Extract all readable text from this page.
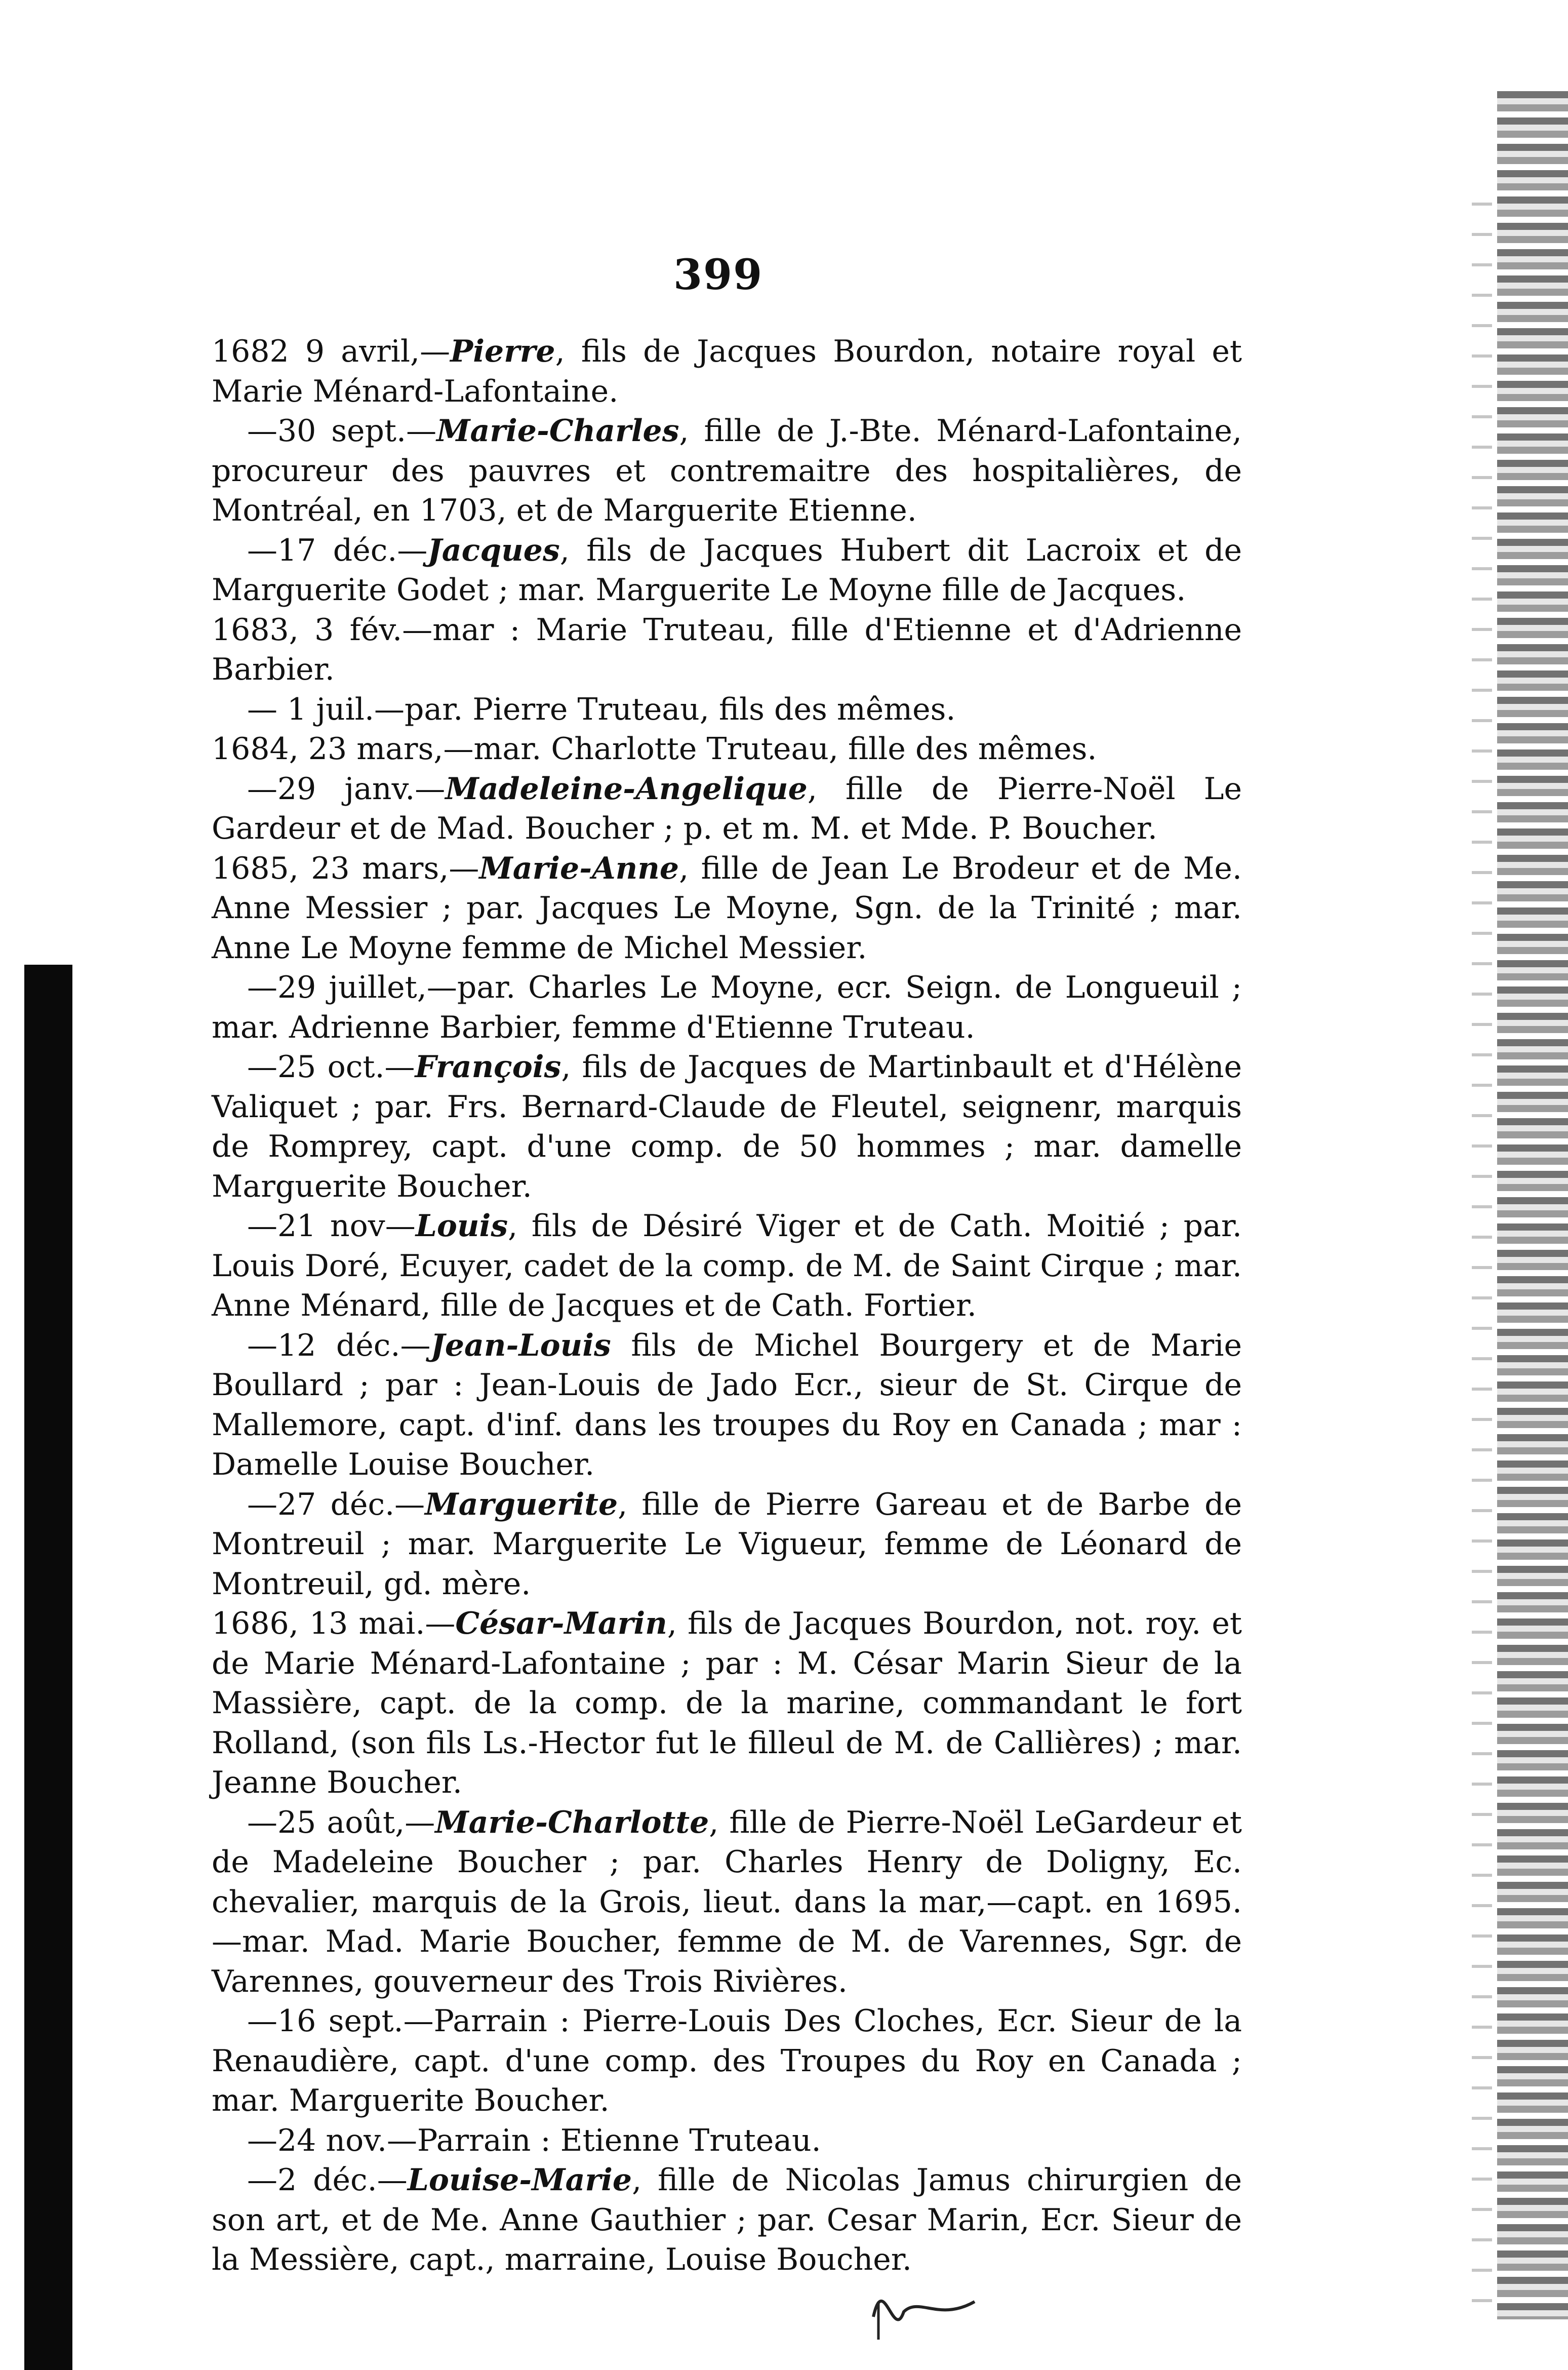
399

1682 9 avril,—Pierre, fils de Jacques Bourdon, notaire royal et Marie Ménard-Lafontaine.

—30 sept.—Marie-Charles, fille de J.-Bte. Ménard-Lafontaine, procureur des pauvres et contremaitre des hospitalières, de Montréal, en 1703, et de Marguerite Etienne.

—17 déc.—Jacques, fils de Jacques Hubert dit Lacroix et de Marguerite Godet ; mar. Marguerite Le Moyne fille de Jacques.

1683, 3 fév.—mar : Marie Truteau, fille d'Etienne et d'Adrienne Barbier.

— 1 juil.—par. Pierre Truteau, fils des mêmes.

1684, 23 mars,—mar. Charlotte Truteau, fille des mêmes.

—29 janv.—Madeleine-Angelique, fille de Pierre-Noël Le Gardeur et de Mad. Boucher ; p. et m. M. et Mde. P. Boucher.

1685, 23 mars,—Marie-Anne, fille de Jean Le Brodeur et de Me. Anne Messier ; par. Jacques Le Moyne, Sgn. de la Trinité ; mar. Anne Le Moyne femme de Michel Messier.

—29 juillet,—par. Charles Le Moyne, ecr. Seign. de Longueuil ; mar. Adrienne Barbier, femme d'Etienne Truteau.

—25 oct.—François, fils de Jacques de Martinbault et d'Hélène Valiquet ; par. Frs. Bernard-Claude de Fleutel, seignenr, marquis de Romprey, capt. d'une comp. de 50 hommes ; mar. damelle Marguerite Boucher.

—21 nov—Louis, fils de Désiré Viger et de Cath. Moitié ; par. Louis Doré, Ecuyer, cadet de la comp. de M. de Saint Cirque ; mar. Anne Ménard, fille de Jacques et de Cath. Fortier.

—12 déc.—Jean-Louis fils de Michel Bourgery et de Marie Boullard ; par : Jean-Louis de Jado Ecr., sieur de St. Cirque de Mallemore, capt. d'inf. dans les troupes du Roy en Canada ; mar : Damelle Louise Boucher.

—27 déc.—Marguerite, fille de Pierre Gareau et de Barbe de Montreuil ; mar. Marguerite Le Vigueur, femme de Léonard de Montreuil, gd. mère.

1686, 13 mai.—César-Marin, fils de Jacques Bourdon, not. roy. et de Marie Ménard-Lafontaine ; par : M. César Marin Sieur de la Massière, capt. de la comp. de la marine, commandant le fort Rolland, (son fils Ls.-Hector fut le filleul de M. de Callières) ; mar. Jeanne Boucher.

—25 août,—Marie-Charlotte, fille de Pierre-Noël LeGardeur et de Madeleine Boucher ; par. Charles Henry de Doligny, Ec. chevalier, marquis de la Grois, lieut. dans la mar,—capt. en 1695.—mar. Mad. Marie Boucher, femme de M. de Varennes, Sgr. de Varennes, gouverneur des Trois Rivières.

—16 sept.—Parrain : Pierre-Louis Des Cloches, Ecr. Sieur de la Renaudière, capt. d'une comp. des Troupes du Roy en Canada ; mar. Marguerite Boucher.

—24 nov.—Parrain : Etienne Truteau.

—2 déc.—Louise-Marie, fille de Nicolas Jamus chirurgien de son art, et de Me. Anne Gauthier ; par. Cesar Marin, Ecr. Sieur de la Messière, capt., marraine, Louise Boucher.
